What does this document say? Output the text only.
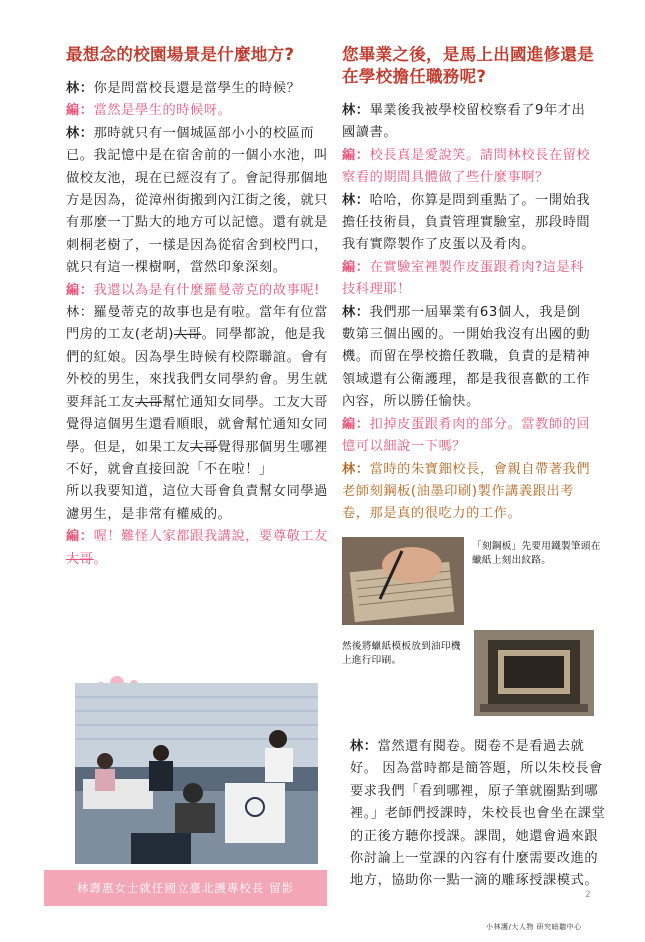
最想念的校園場景是什麼地方?

林：你是問當校長還是當學生的時候？

編：當然是學生的時候呀。

林：那時就只有一個城區部小小的校區而已。我記憶中是在宿舍前的一個小水池，叫做校友池，現在已經沒有了。會記得那個地方是因為，從漳州街搬到內江街之後，就只有那麼一丁點大的地方可以記憶。還有就是刺桐老樹了，一樣是因為從宿舍到校門口，就只有這一棵樹啊，當然印象深刻。

編：我還以為是有什麼羅曼蒂克的故事呢!

林：羅曼蒂克的故事也是有啦。當年有位當門房的工友(老胡)大哥。同學都說，他是我們的紅娘。因為學生時候有校際聯誼。會有外校的男生，來找我們女同學約會。男生就要拜託工友大哥幫忙通知女同學。工友大哥覺得這個男生還看順眼，就會幫忙通知女同學。但是，如果工友大哥覺得那個男生哪裡不好，就會直接回說「不在啦！」

所以我要知道，這位大哥會負責幫女同學過濾男生，是非常有權威的。

編：喔！難怪人家都跟我講說，要尊敬工友大哥。

林壽惠女士就任國立臺北護專校長 留影
您畢業之後，是馬上出國進修還是在學校擔任職務呢?

林：畢業後我被學校留校察看了9年才出國讀書。

編：校長真是愛說笑。請問林校長在留校察看的期間具體做了些什麼事啊？

林：哈哈，你算是問到重點了。一開始我擔任技術員，負責管理實驗室，那段時間我有實際製作了皮蛋以及肴肉。

編：在實驗室裡製作皮蛋跟肴肉?這是科技科理耶！

林：我們那一屆畢業有63個人，我是倒數第三個出國的。一開始我沒有出國的動機。而留在學校擔任教職，負責的是精神領域還有公衛護理，都是我很喜歡的工作內容，所以勝任愉快。

編：扣掉皮蛋跟肴肉的部分。當教師的回憶可以細說一下嗎？

林：當時的朱寶鈿校長，會親自帶著我們老師刻鋼板(油墨印刷)製作講義跟出考卷，那是真的很吃力的工作。

「刻鋼板」先要用鐵製筆頭在蠟紙上刻出紋路。
然後將蠟紙模板放到油印機上進行印刷。

林：當然還有閱卷。閱卷不是看過去就好。 因為當時都是簡答題，所以朱校長會要求我們「看到哪裡，原子筆就圈點到哪裡。」老師們授課時，朱校長也會坐在課堂的正後方聽你授課。課間，她還會過來跟你討論上一堂課的內容有什麼需要改進的地方，協助你一點一滴的雕琢授課模式。

2
小林護/大人物 研究暗聽中心
